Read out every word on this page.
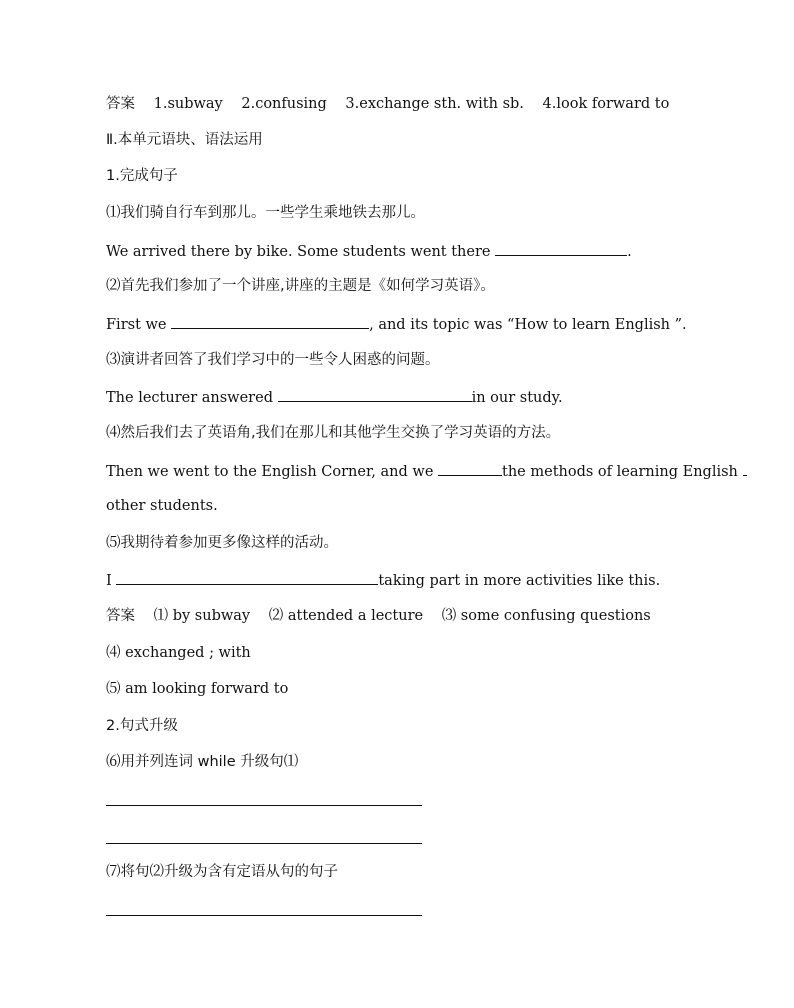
答案 1.subway 2.confusing 3.exchange sth. with sb. 4.look forward to
Ⅱ.本单元语块、语法运用
1.完成句子
⑴我们骑自行车到那儿。一些学生乘地铁去那儿。
We arrived there by bike. Some students went there	.
⑵首先我们参加了一个讲座,讲座的主题是《如何学习英语》。
First we	, and its topic was “How to learn English ”.
⑶演讲者回答了我们学习中的一些令人困惑的问题。
The lecturer answered	in our study.
⑷然后我们去了英语角,我们在那儿和其他学生交换了学习英语的方法。
Then we went to the English Corner, and we	the methods of learning English
other students.
⑸我期待着参加更多像这样的活动。
I	taking part in more activities like this.
答案 ⑴ by subway ⑵ attended a lecture ⑶ some confusing questions
⑷ exchanged ; with
⑸ am looking forward to
2.句式升级
⑹用并列连词 while 升级句⑴
⑺将句⑵升级为含有定语从句的句子
